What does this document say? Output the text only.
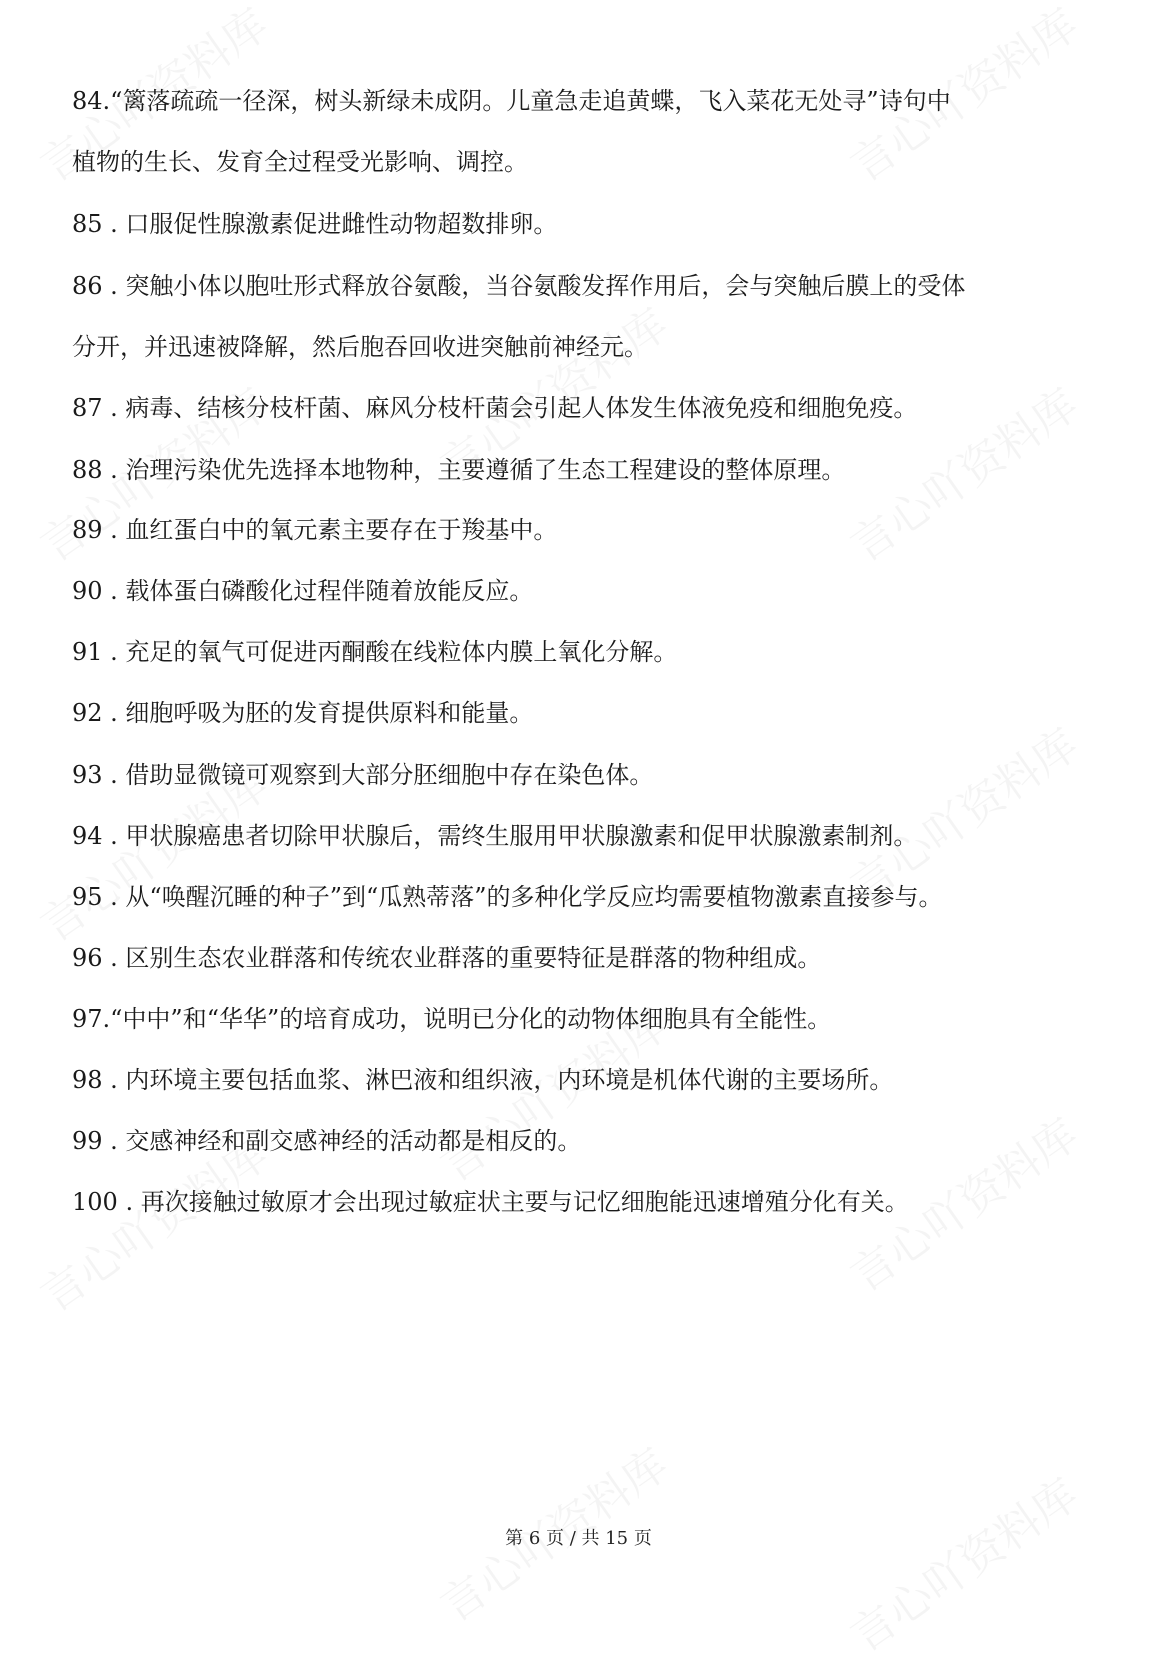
84.“篱落疏疏一径深，树头新绿未成阴。儿童急走追黄蝶，飞入菜花无处寻”诗句中
植物的生长、发育全过程受光影响、调控。
85 . 口服促性腺激素促进雌性动物超数排卵。
86 . 突触小体以胞吐形式释放谷氨酸，当谷氨酸发挥作用后，会与突触后膜上的受体
分开，并迅速被降解，然后胞吞回收进突触前神经元。
87 . 病毒、结核分枝杆菌、麻风分枝杆菌会引起人体发生体液免疫和细胞免疫。
88 . 治理污染优先选择本地物种，主要遵循了生态工程建设的整体原理。
89 . 血红蛋白中的氧元素主要存在于羧基中。
90 . 载体蛋白磷酸化过程伴随着放能反应。
91 . 充足的氧气可促进丙酮酸在线粒体内膜上氧化分解。
92 . 细胞呼吸为胚的发育提供原料和能量。
93 . 借助显微镜可观察到大部分胚细胞中存在染色体。
94 . 甲状腺癌患者切除甲状腺后，需终生服用甲状腺激素和促甲状腺激素制剂。
95 . 从“唤醒沉睡的种子”到“瓜熟蒂落”的多种化学反应均需要植物激素直接参与。
96 . 区别生态农业群落和传统农业群落的重要特征是群落的物种组成。
97.“中中”和“华华”的培育成功，说明已分化的动物体细胞具有全能性。
98 . 内环境主要包括血浆、淋巴液和组织液，内环境是机体代谢的主要场所。
99 . 交感神经和副交感神经的活动都是相反的。
100 . 再次接触过敏原才会出现过敏症状主要与记忆细胞能迅速增殖分化有关。
第 6 页 / 共 15 页
